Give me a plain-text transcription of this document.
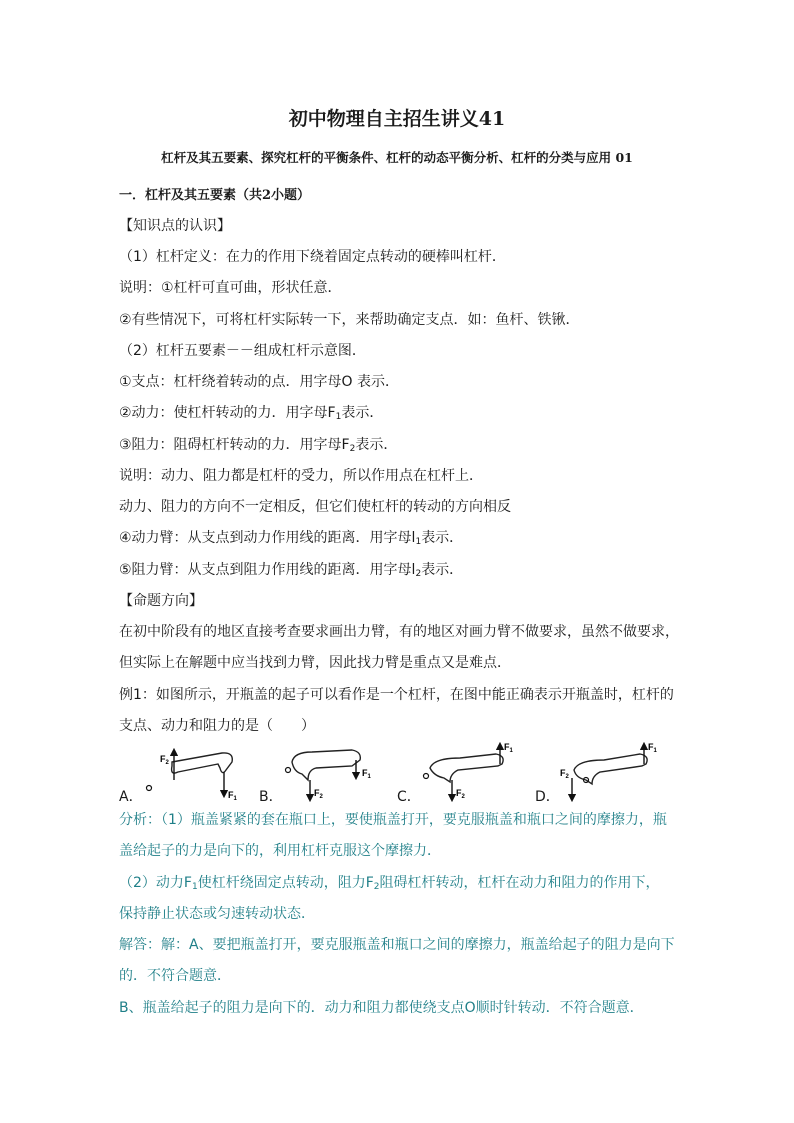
初中物理自主招生讲义41
杠杆及其五要素、探究杠杆的平衡条件、杠杆的动态平衡分析、杠杆的分类与应用 01
一．杠杆及其五要素（共2小题）
【知识点的认识】
（1）杠杆定义：在力的作用下绕着固定点转动的硬棒叫杠杆．
说明：①杠杆可直可曲，形状任意．
②有些情况下，可将杠杆实际转一下，来帮助确定支点．如：鱼杆、铁锹．
（2）杠杆五要素－－组成杠杆示意图．
①支点：杠杆绕着转动的点．用字母O 表示．
②动力：使杠杆转动的力．用字母$F_1$表示．
③阻力：阻碍杠杆转动的力．用字母$F_2$表示．
说明：动力、阻力都是杠杆的受力，所以作用点在杠杆上．
动力、阻力的方向不一定相反，但它们使杠杆的转动的方向相反
④动力臂：从支点到动力作用线的距离．用字母$l_1$表示．
⑤阻力臂：从支点到阻力作用线的距离．用字母$l_2$表示．
【命题方向】
在初中阶段有的地区直接考查要求画出力臂，有的地区对画力臂不做要求，虽然不做要求，
但实际上在解题中应当找到力臂，因此找力臂是重点又是难点．
例1：如图所示，开瓶盖的起子可以看作是一个杠杆，在图中能正确表示开瓶盖时，杠杆的
支点、动力和阻力的是（　　）
A．	B．	C．	D．
$F_2$
$F_1$
$F_1$
$F_2$
$F_1$
$F_2$
$F_1$
$F_2$
分析：（1）瓶盖紧紧的套在瓶口上，要使瓶盖打开，要克服瓶盖和瓶口之间的摩擦力，瓶
盖给起子的力是向下的，利用杠杆克服这个摩擦力．
（2）动力$F_1$使杠杆绕固定点转动，阻力$F_2$阻碍杠杆转动，杠杆在动力和阻力的作用下，
保持静止状态或匀速转动状态．
解答：解：A、要把瓶盖打开，要克服瓶盖和瓶口之间的摩擦力，瓶盖给起子的阻力是向下
的．不符合题意．
B、瓶盖给起子的阻力是向下的．动力和阻力都使绕支点O顺时针转动．不符合题意．
